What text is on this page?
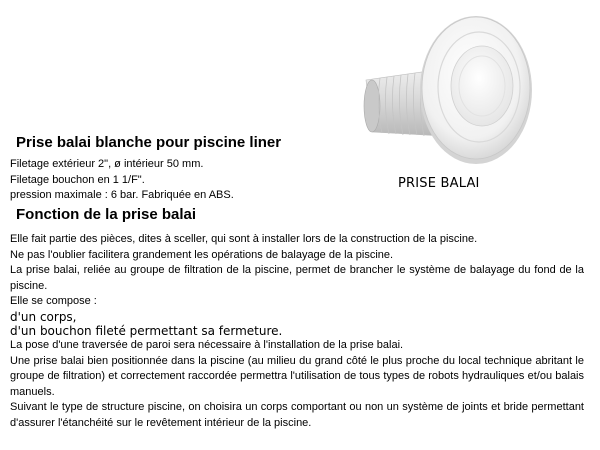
PRISE BALAI
Prise balai blanche pour piscine liner
Filetage extérieur 2", ø intérieur 50 mm.
Filetage bouchon en 1 1/F".
pression maximale : 6 bar. Fabriquée en ABS.
Fonction de la prise balai
Elle fait partie des pièces, dites à sceller, qui sont à installer lors de la construction de la piscine.
Ne pas l'oublier facilitera grandement les opérations de balayage de la piscine.
La prise balai, reliée au groupe de filtration de la piscine, permet de brancher le système de balayage du fond de la piscine.
Elle se compose :
d'un corps,
d'un bouchon fileté permettant sa fermeture.
La pose d'une traversée de paroi sera nécessaire à l'installation de la prise balai.
Une prise balai bien positionnée dans la piscine (au milieu du grand côté le plus proche du local technique abritant le groupe de filtration) et correctement raccordée permettra l'utilisation de tous types de robots hydrauliques et/ou balais manuels.
Suivant le type de structure piscine, on choisira un corps comportant ou non un système de joints et bride permettant d'assurer l'étanchéité sur le revêtement intérieur de la piscine.
